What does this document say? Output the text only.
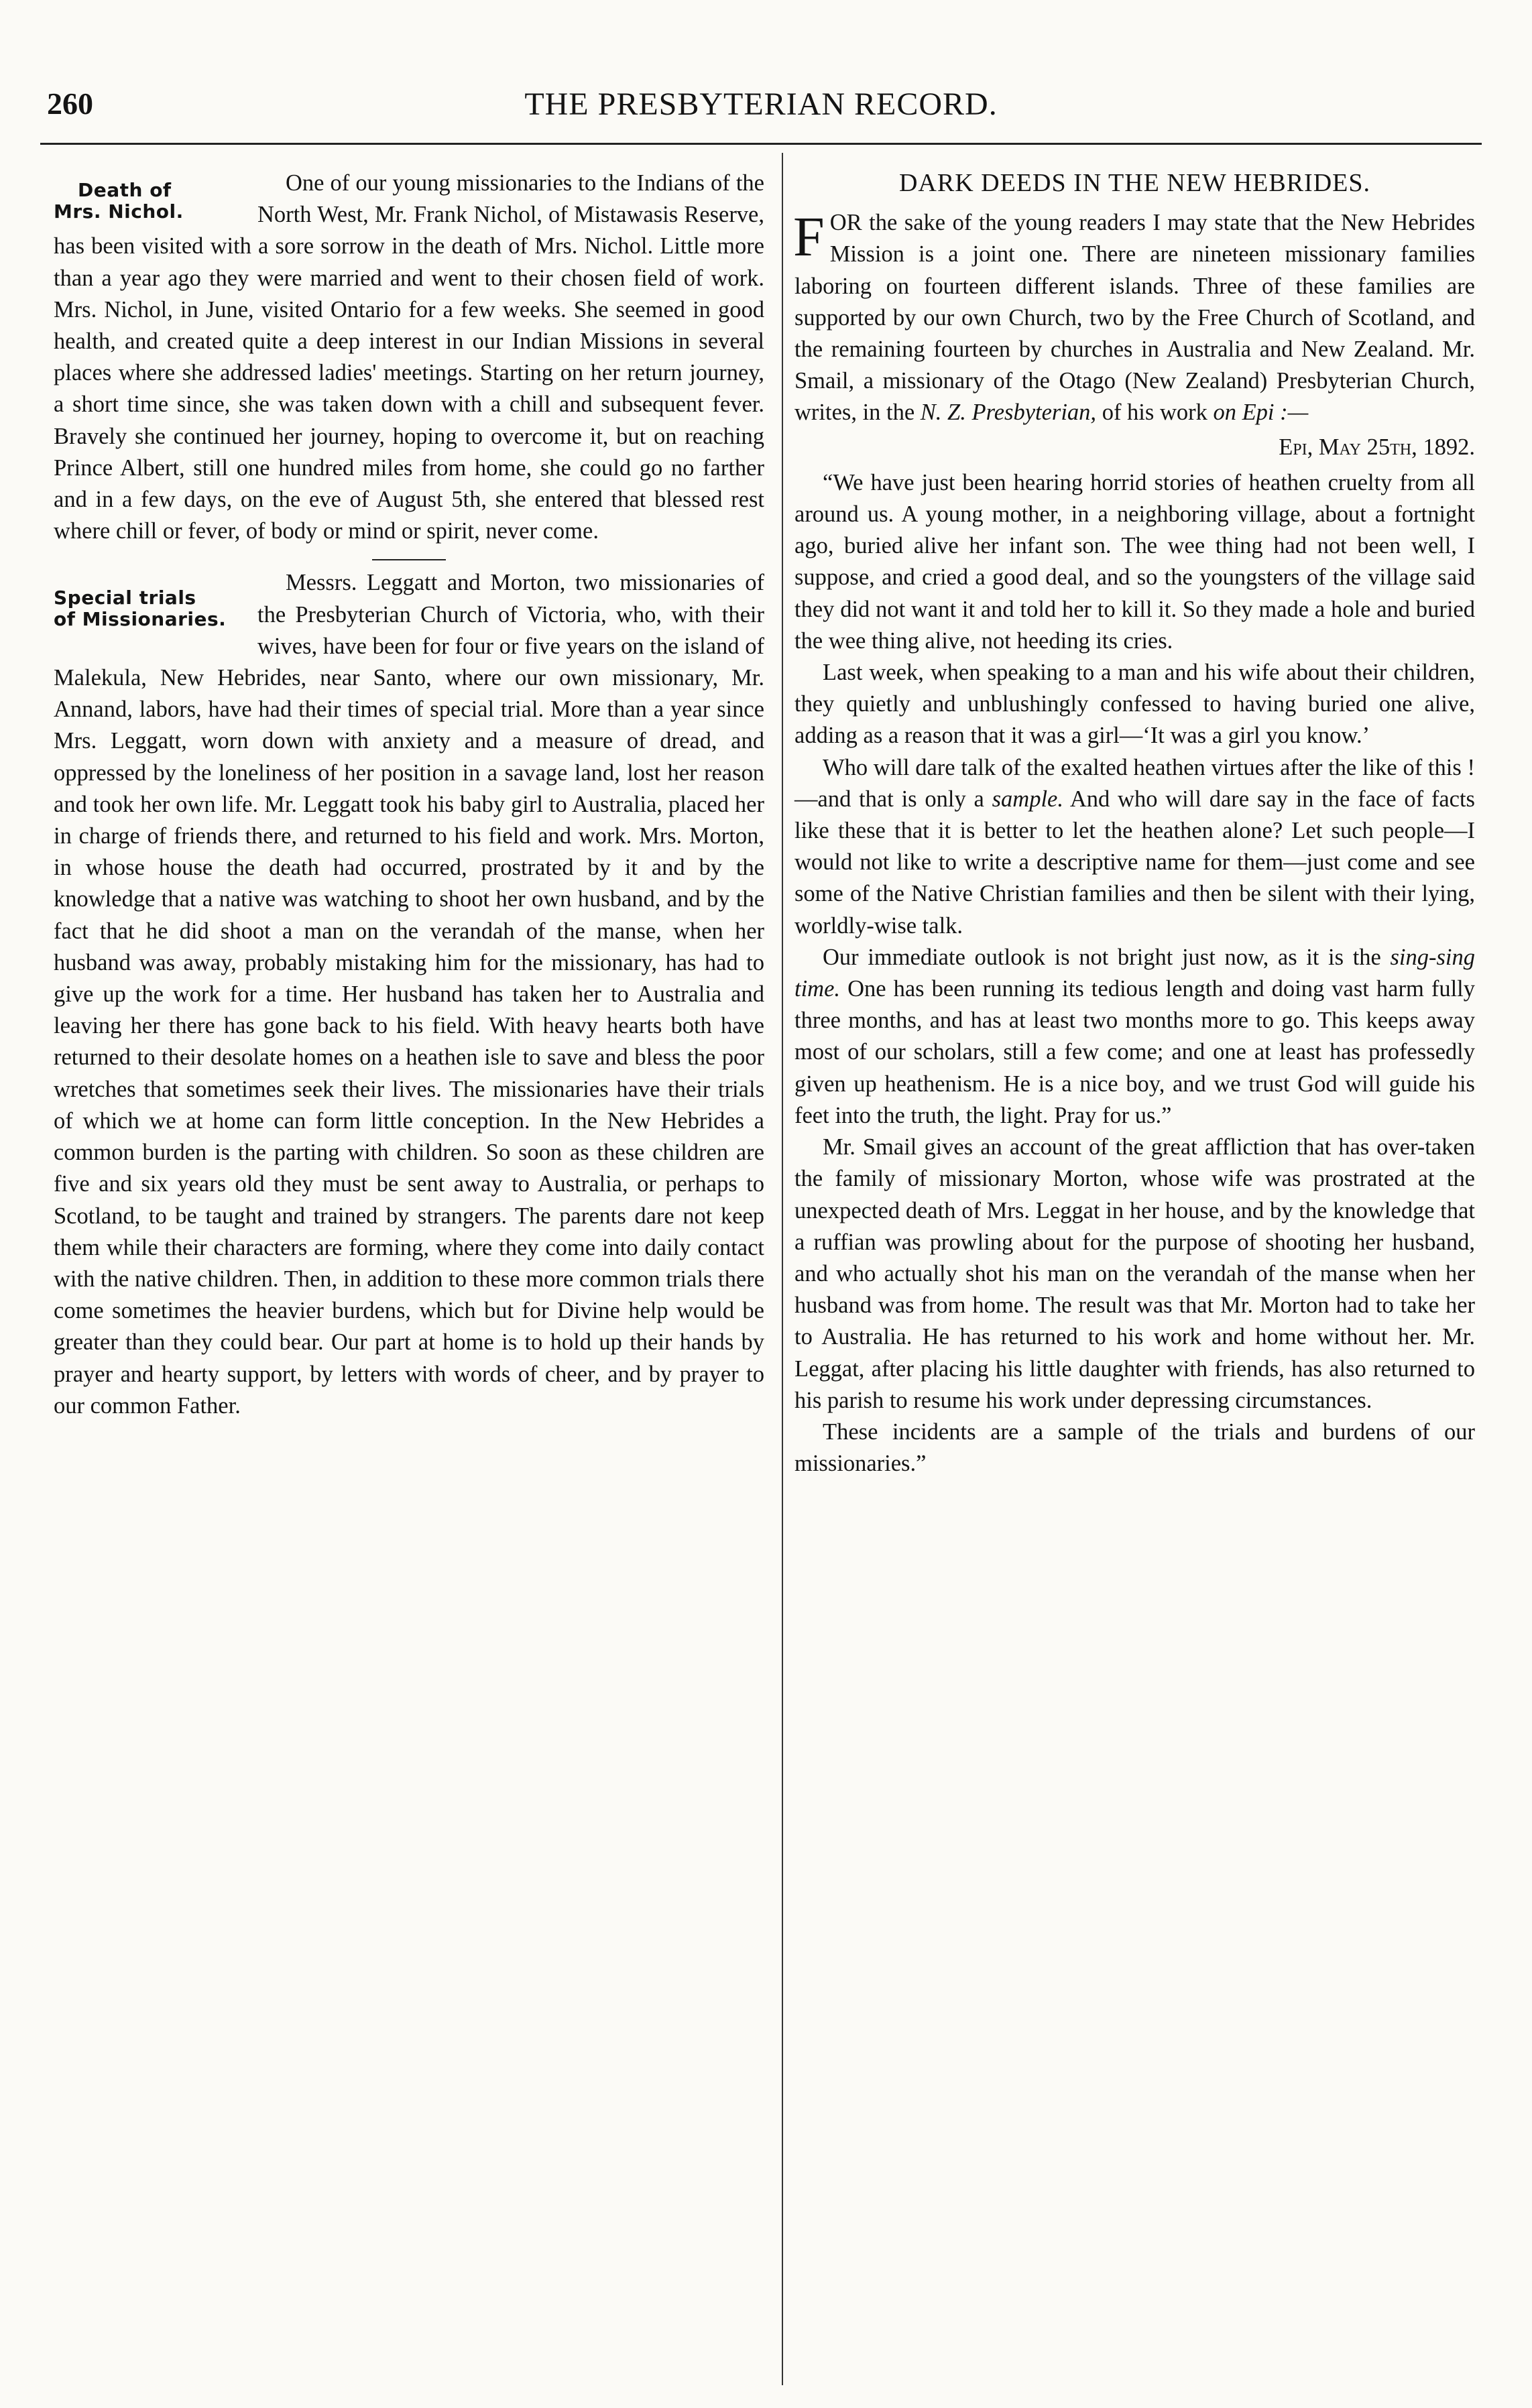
260	THE PRESBYTERIAN RECORD.
Death of
Mrs. Nichol.

One of our young missionaries to the Indians of the North West, Mr. Frank Nichol, of Mistawasis Reserve, has been visited with a sore sorrow in the death of Mrs. Nichol. Little more than a year ago they were married and went to their chosen field of work. Mrs. Nichol, in June, visited Ontario for a few weeks. She seemed in good health, and created quite a deep interest in our Indian Missions in several places where she addressed ladies' meetings. Starting on her return journey, a short time since, she was taken down with a chill and subsequent fever. Bravely she continued her journey, hoping to overcome it, but on reaching Prince Albert, still one hundred miles from home, she could go no farther and in a few days, on the eve of August 5th, she entered that blessed rest where chill or fever, of body or mind or spirit, never come.

Special trials
of Missionaries.

Messrs. Leggatt and Morton, two missionaries of the Presbyterian Church of Victoria, who, with their wives, have been for four or five years on the island of Malekula, New Hebrides, near Santo, where our own missionary, Mr. Annand, labors, have had their times of special trial. More than a year since Mrs. Leggatt, worn down with anxiety and a measure of dread, and oppressed by the loneliness of her position in a savage land, lost her reason and took her own life. Mr. Leggatt took his baby girl to Australia, placed her in charge of friends there, and returned to his field and work. Mrs. Morton, in whose house the death had occurred, prostrated by it and by the knowledge that a native was watching to shoot her own husband, and by the fact that he did shoot a man on the verandah of the manse, when her husband was away, probably mistaking him for the missionary, has had to give up the work for a time. Her husband has taken her to Australia and leaving her there has gone back to his field. With heavy hearts both have returned to their desolate homes on a heathen isle to save and bless the poor wretches that sometimes seek their lives. The missionaries have their trials of which we at home can form little conception. In the New Hebrides a common burden is the parting with children. So soon as these children are five and six years old they must be sent away to Australia, or perhaps to Scotland, to be taught and trained by strangers. The parents dare not keep them while their characters are forming, where they come into daily contact with the native children. Then, in addition to these more common trials there come sometimes the heavier burdens, which but for Divine help would be greater than they could bear. Our part at home is to hold up their hands by prayer and hearty support, by letters with words of cheer, and by prayer to our common Father.

DARK DEEDS IN THE NEW HEBRIDES.

FOR the sake of the young readers I may state that the New Hebrides Mission is a joint one. There are nineteen missionary families laboring on fourteen different islands. Three of these families are supported by our own Church, two by the Free Church of Scotland, and the remaining fourteen by churches in Australia and New Zealand. Mr. Smail, a missionary of the Otago (New Zealand) Presbyterian Church, writes, in the N. Z. Presbyterian, of his work on Epi :—

Epi, May 25th, 1892.

“We have just been hearing horrid stories of heathen cruelty from all around us. A young mother, in a neighboring village, about a fortnight ago, buried alive her infant son. The wee thing had not been well, I suppose, and cried a good deal, and so the youngsters of the village said they did not want it and told her to kill it. So they made a hole and buried the wee thing alive, not heeding its cries.

Last week, when speaking to a man and his wife about their children, they quietly and unblushingly confessed to having buried one alive, adding as a reason that it was a girl—‘It was a girl you know.’

Who will dare talk of the exalted heathen virtues after the like of this !—and that is only a sample. And who will dare say in the face of facts like these that it is better to let the heathen alone? Let such people—I would not like to write a descriptive name for them—just come and see some of the Native Christian families and then be silent with their lying, worldly-wise talk.

Our immediate outlook is not bright just now, as it is the sing-sing time. One has been running its tedious length and doing vast harm fully three months, and has at least two months more to go. This keeps away most of our scholars, still a few come; and one at least has professedly given up heathenism. He is a nice boy, and we trust God will guide his feet into the truth, the light. Pray for us.”

Mr. Smail gives an account of the great affliction that has over-taken the family of missionary Morton, whose wife was prostrated at the unexpected death of Mrs. Leggat in her house, and by the knowledge that a ruffian was prowling about for the purpose of shooting her husband, and who actually shot his man on the verandah of the manse when her husband was from home. The result was that Mr. Morton had to take her to Australia. He has returned to his work and home without her. Mr. Leggat, after placing his little daughter with friends, has also returned to his parish to resume his work under depressing circumstances.

These incidents are a sample of the trials and burdens of our missionaries.”
